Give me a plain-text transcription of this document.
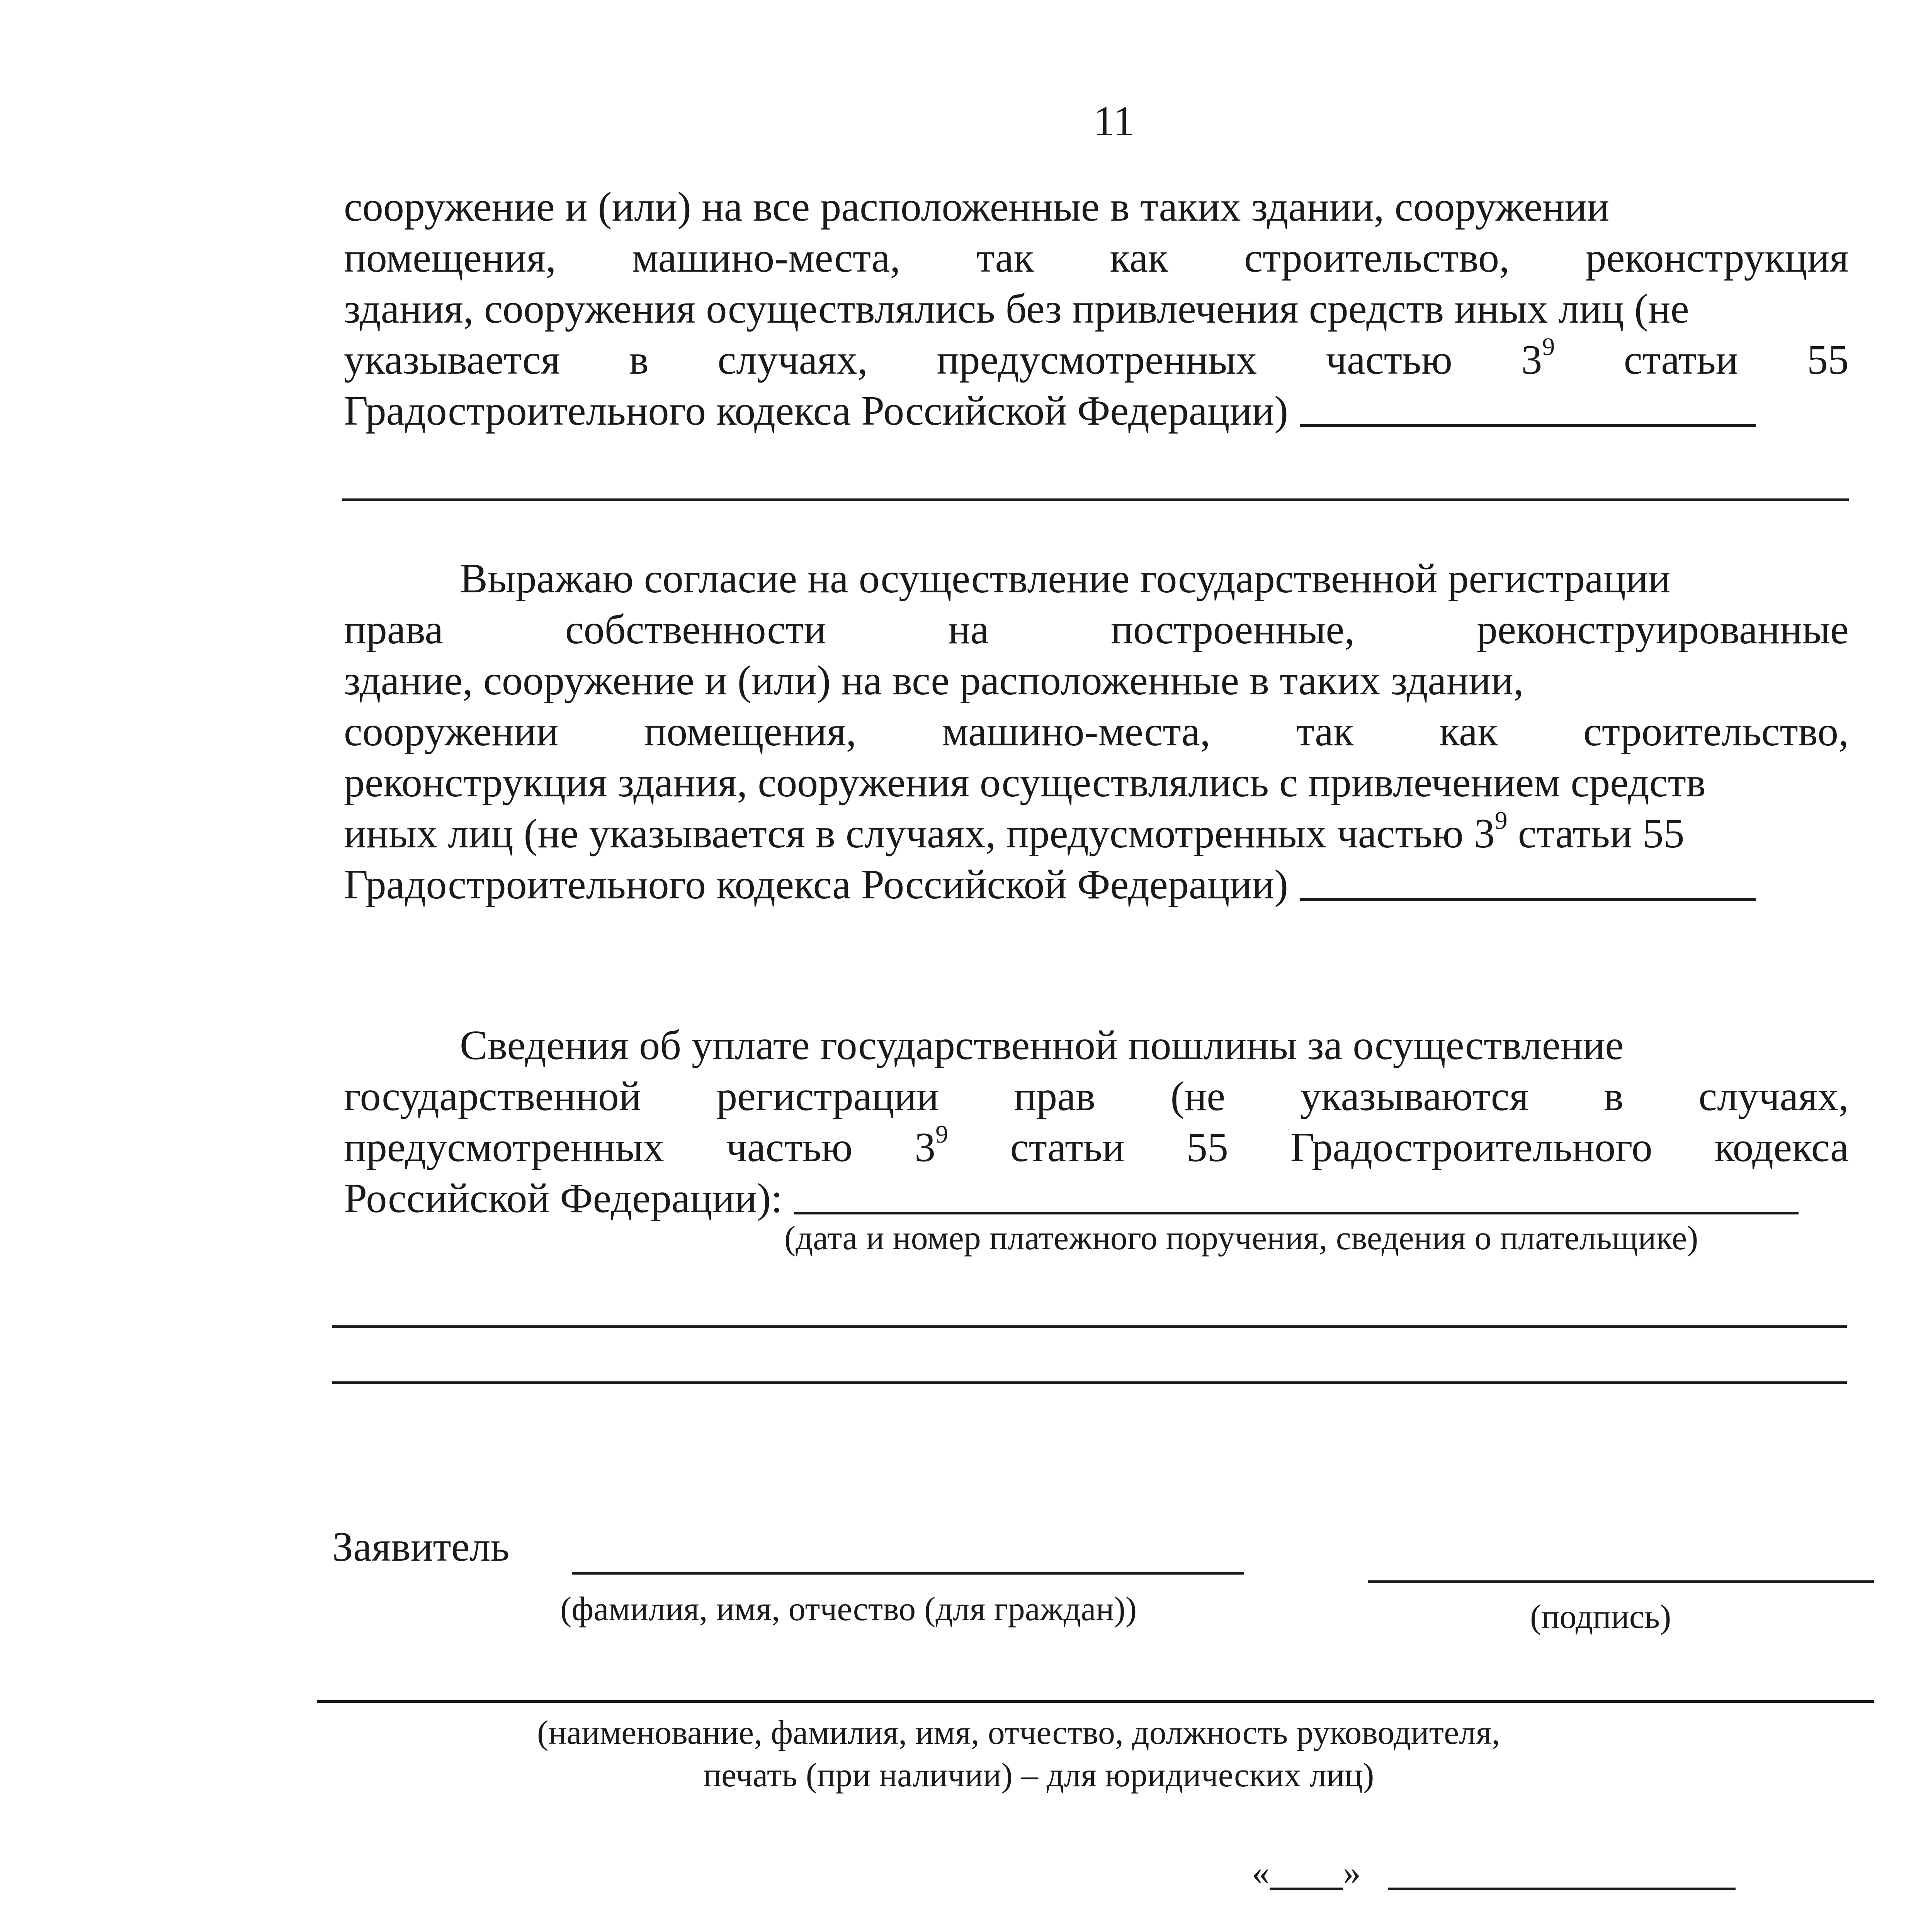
11
сооружение и (или) на все расположенные в таких здании, сооружении
помещения, машино-места, так как строительство, реконструкция
здания, сооружения осуществлялись без привлечения средств иных лиц (не
указывается в случаях, предусмотренных частью $3^9$ статьи 55
Градостроительного кодекса Российской Федерации)
Выражаю согласие на осуществление государственной регистрации
права	собственности	на	построенные,	реконструированные
здание, сооружение и (или) на все расположенные в таких здании,
сооружении помещения, машино-места, так как строительство,
реконструкция здания, сооружения осуществлялись с привлечением средств
иных лиц (не указывается в случаях, предусмотренных частью $3^9$ статьи 55
Градостроительного кодекса Российской Федерации)
Сведения об уплате государственной пошлины за осуществление
государственной регистрации прав (не указываются в случаях,
предусмотренных частью $3^9$ статьи 55 Градостроительного кодекса
Российской Федерации):
(дата и номер платежного поручения, сведения о плательщике)
Заявитель
(фамилия, имя, отчество (для граждан))	(подпись)
(наименование, фамилия, имя, отчество, должность руководителя,
печать (при наличии) – для юридических лиц)
« »
